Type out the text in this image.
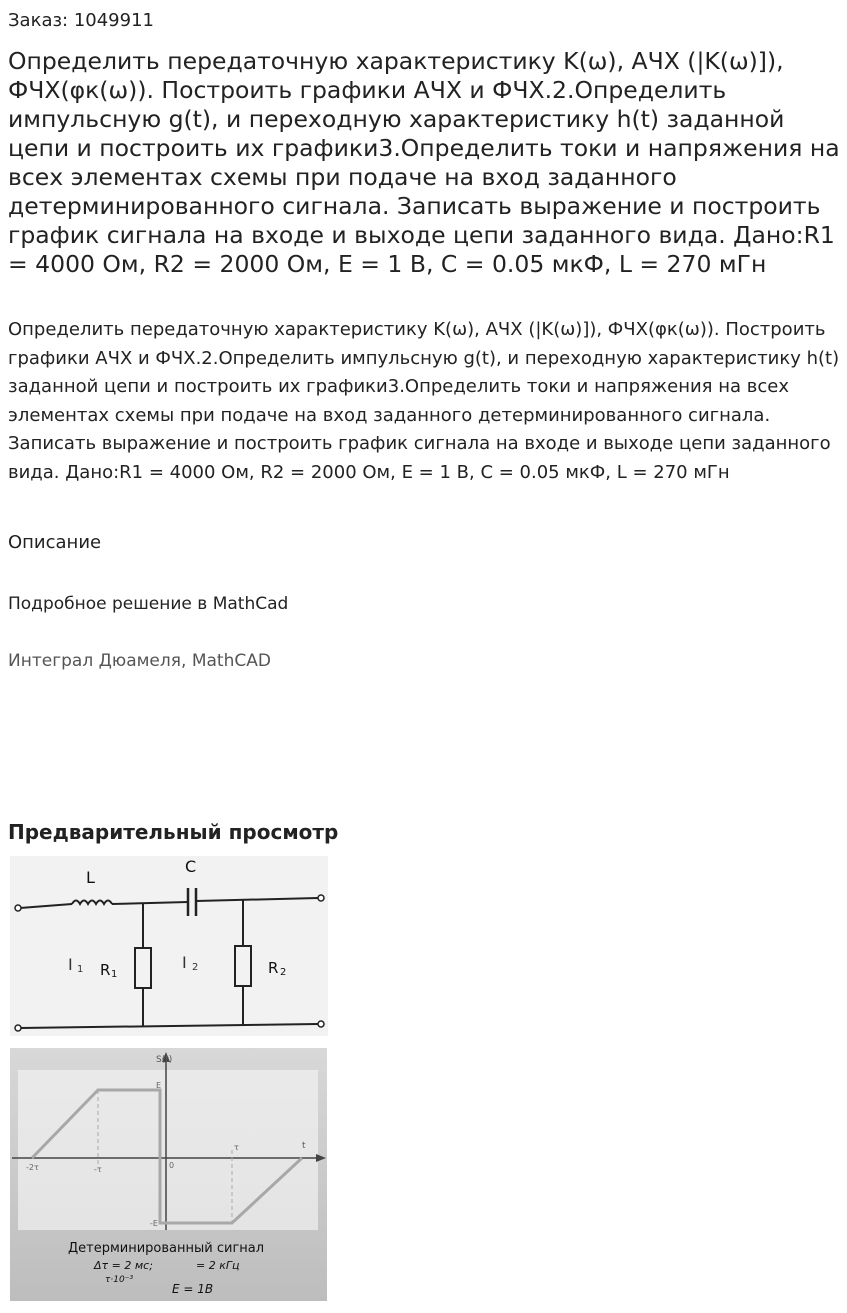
Заказ: 1049911
Определить передаточную характеристику K(ω), АЧХ (|K(ω)]), ФЧХ(φк(ω)). Построить графики АЧХ и ФЧХ.2.Определить импульсную g(t), и переходную характеристику h(t) заданной цепи и построить их графики3.Определить токи и напряжения на всех элементах схемы при подаче на вход заданного детерминированного сигнала. Записать выражение и построить график сигнала на входе и выходе цепи заданного вида. Дано:R1 = 4000 Ом, R2 = 2000 Ом, E = 1 B, C = 0.05 мкФ, L = 270 мГн

Определить передаточную характеристику K(ω), АЧХ (|K(ω)]), ФЧХ(φк(ω)). Построить графики АЧХ и ФЧХ.2.Определить импульсную g(t), и переходную характеристику h(t) заданной цепи и построить их графики3.Определить токи и напряжения на всех элементах схемы при подаче на вход заданного детерминированного сигнала. Записать выражение и построить график сигнала на входе и выходе цепи заданного вида. Дано:R1 = 4000 Ом, R2 = 2000 Ом, E = 1 B, C = 0.05 мкФ, L = 270 мГн

Описание
Подробное решение в MathCad
Интеграл Дюамеля, MathCAD
Предварительный просмотр
L
C
I 1 R 1
I 2	R 2
S(t)
t
-2τ	-τ	0
τ
E
-E
Детерминированный сигнал
Δτ = 2 мс;	= 2 кГц
τ·10⁻³
E = 1В
